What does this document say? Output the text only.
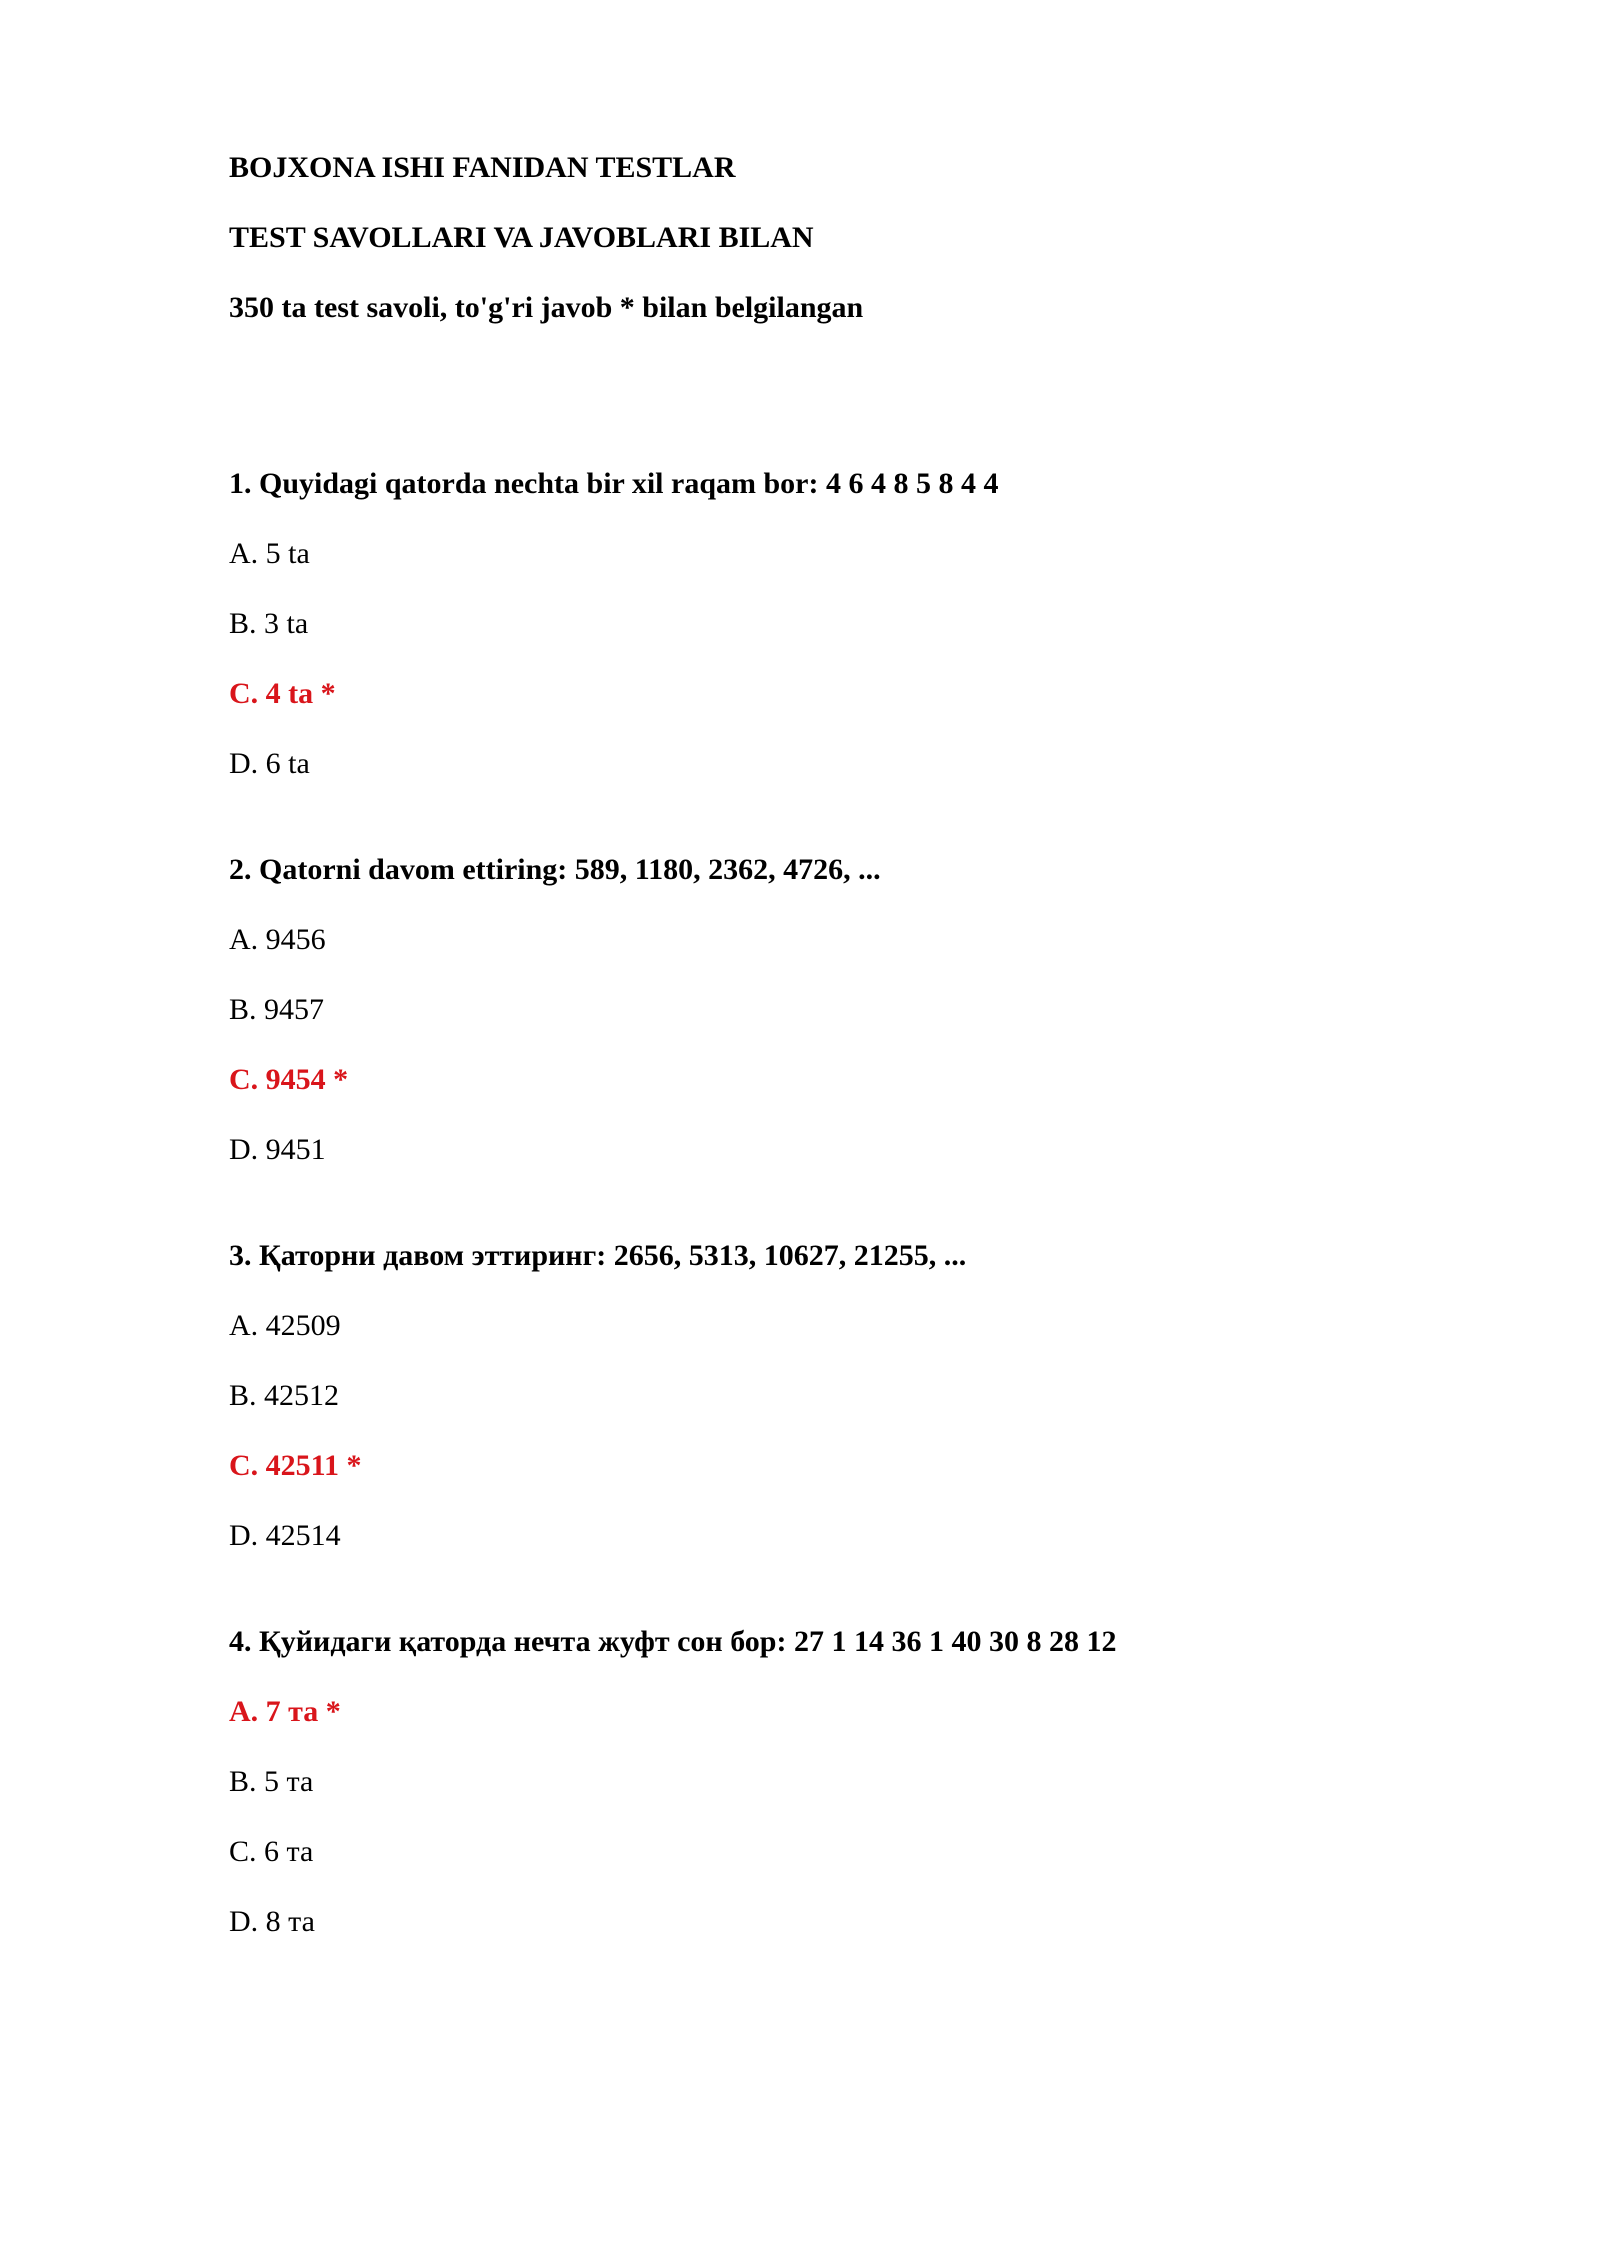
BOJXONA ISHI FANIDAN TESTLAR

TEST SAVOLLARI VA JAVOBLARI BILAN

350 ta test savoli, to'g'ri javob * bilan belgilangan

1. Quyidagi qatorda nechta bir xil raqam bor: 4 6 4 8 5 8 4 4

A. 5 ta

B. 3 ta

C. 4 ta *

D. 6 ta

2. Qatorni davom ettiring: 589, 1180, 2362, 4726, ...

A. 9456

B. 9457

C. 9454 *

D. 9451

3. Қаторни давом эттиринг: 2656, 5313, 10627, 21255, ...

A. 42509

B. 42512

C. 42511 *

D. 42514

4. Қуйидаги қаторда нечта жуфт сон бор: 27 1 14 36 1 40 30 8 28 12

A. 7 та *

B. 5 та

C. 6 та

D. 8 та
